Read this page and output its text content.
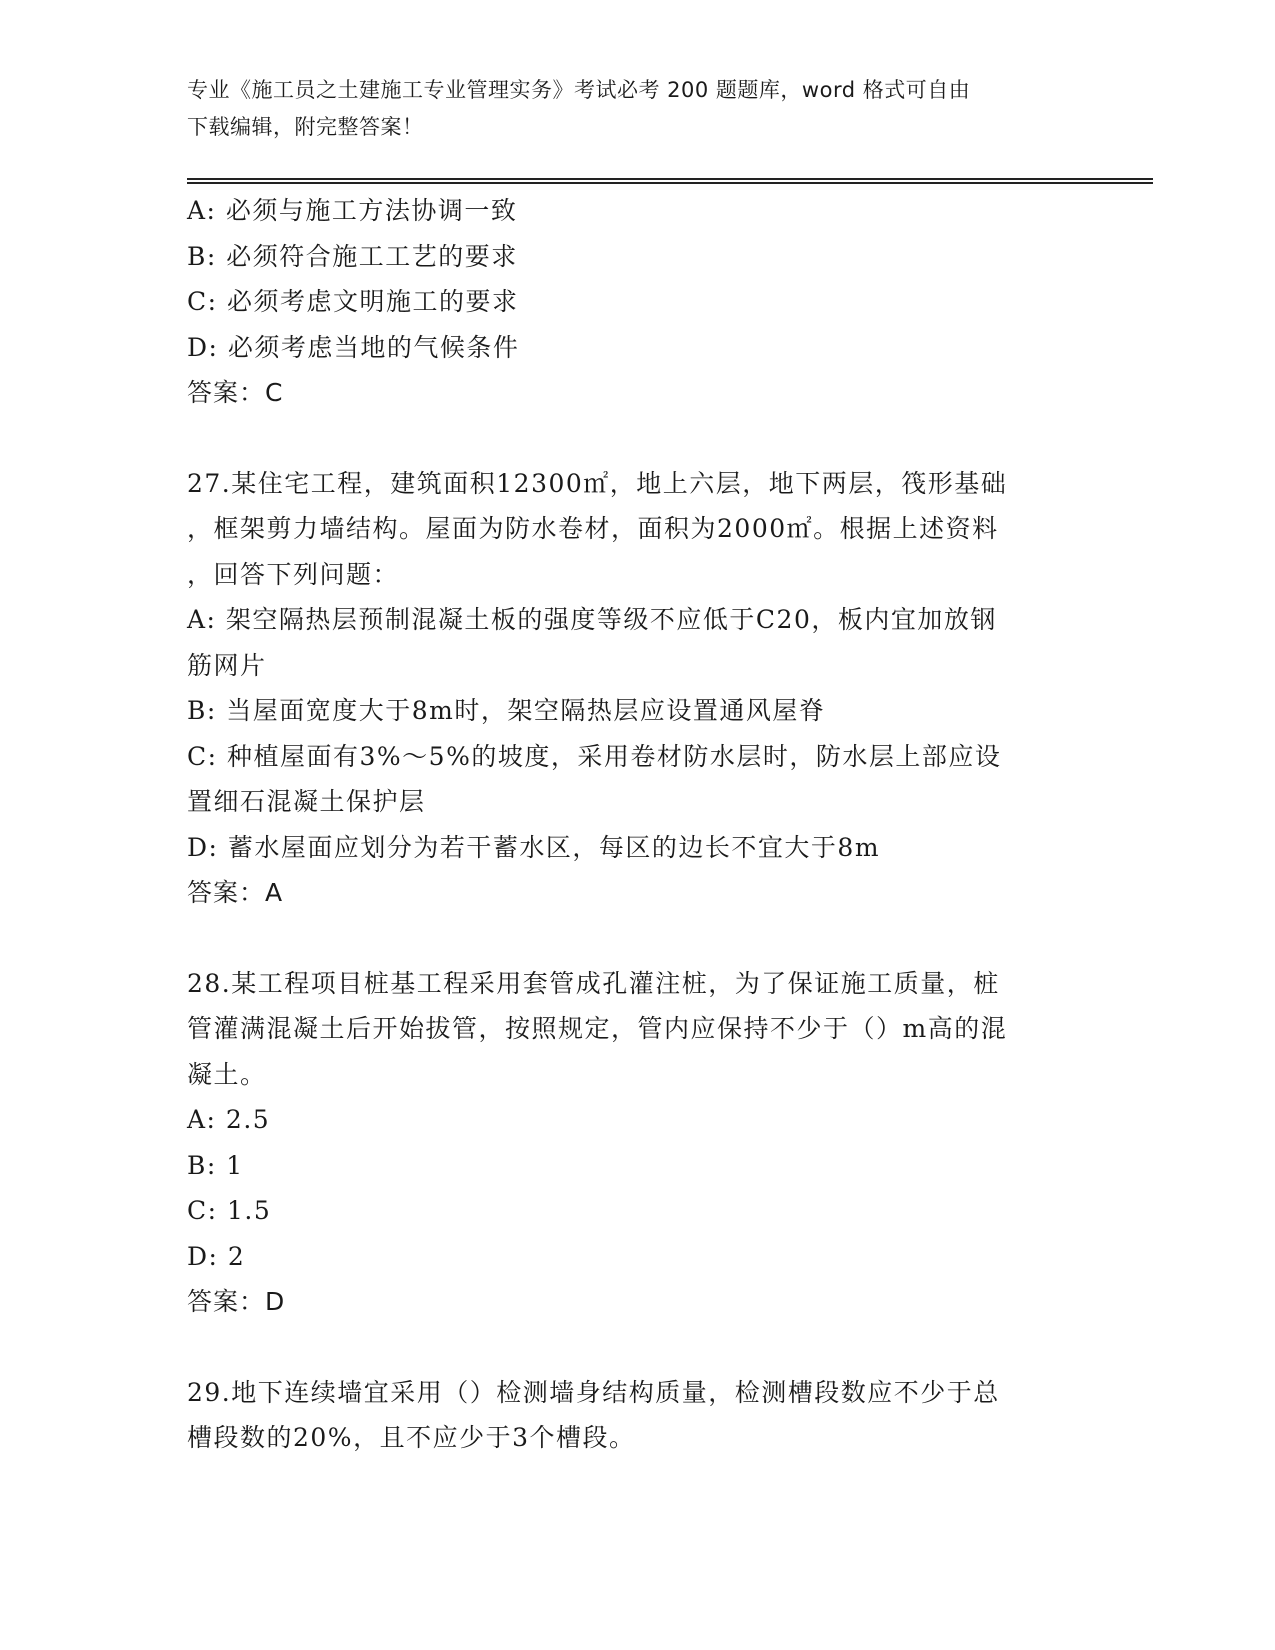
专业《施工员之土建施工专业管理实务》考试必考 200 题题库，word 格式可自由
下载编辑，附完整答案！
A: 必须与施工方法协调一致
B: 必须符合施工工艺的要求
C: 必须考虑文明施工的要求
D: 必须考虑当地的气候条件
答案：C
27.某住宅工程，建筑面积12300㎡，地上六层，地下两层，筏形基础
，框架剪力墙结构。屋面为防水卷材，面积为2000㎡。根据上述资料
，回答下列问题：
A: 架空隔热层预制混凝土板的强度等级不应低于C20，板内宜加放钢
筋网片
B: 当屋面宽度大于8m时，架空隔热层应设置通风屋脊
C: 种植屋面有3%～5%的坡度，采用卷材防水层时，防水层上部应设
置细石混凝土保护层
D: 蓄水屋面应划分为若干蓄水区，每区的边长不宜大于8m
答案：A
28.某工程项目桩基工程采用套管成孔灌注桩，为了保证施工质量，桩
管灌满混凝土后开始拔管，按照规定，管内应保持不少于（）m高的混
凝土。
A: 2.5
B: 1
C: 1.5
D: 2
答案：D
29.地下连续墙宜采用（）检测墙身结构质量，检测槽段数应不少于总
槽段数的20%，且不应少于3个槽段。
